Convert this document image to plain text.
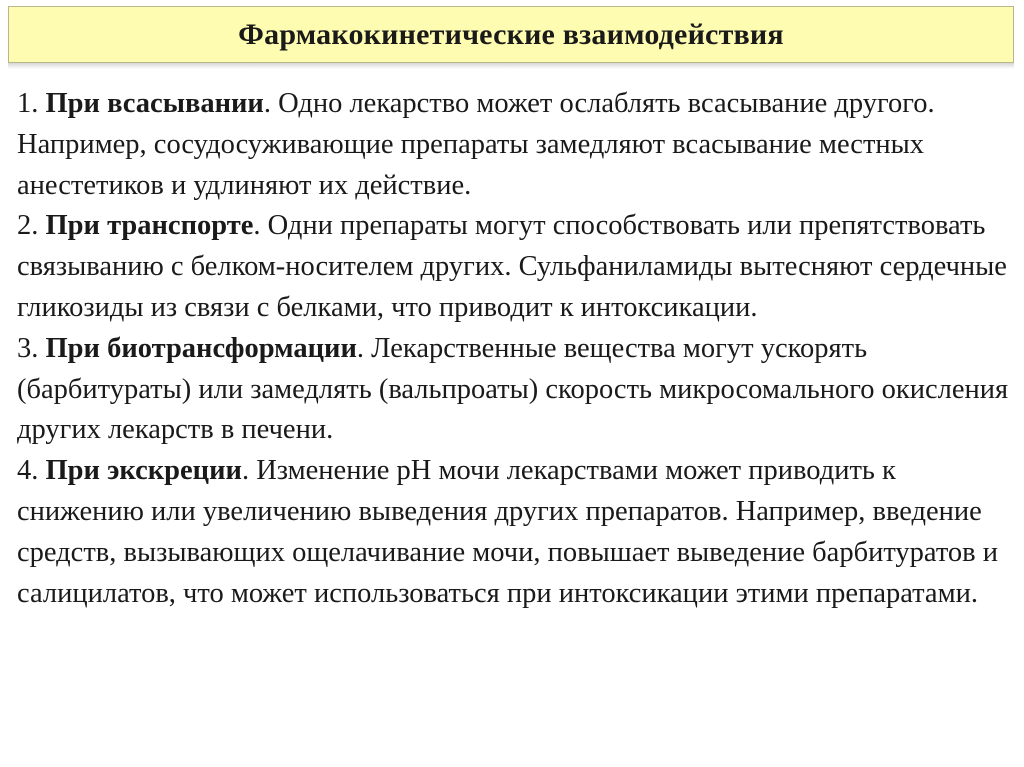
Фармакокинетические взаимодействия

1. При всасывании. Одно лекарство может ослаблять всасывание другого. Например, сосудосуживающие препараты замедляют всасывание местных анестетиков и удлиняют их действие.

2. При транспорте. Одни препараты могут способствовать или препятствовать связыванию с белком-носителем других. Сульфаниламиды вытесняют сердечные гликозиды из связи с белками, что приводит к интоксикации.

3. При биотрансформации. Лекарственные вещества могут ускорять (барбитураты) или замедлять (вальпроаты) скорость микросомального окисления других лекарств в печени.

4. При экскреции. Изменение рН мочи лекарствами может приводить к снижению или увеличению выведения других препаратов. Например, введение средств, вызывающих ощелачивание мочи, повышает выведение барбитуратов и салицилатов, что может использоваться при интоксикации этими препаратами.
